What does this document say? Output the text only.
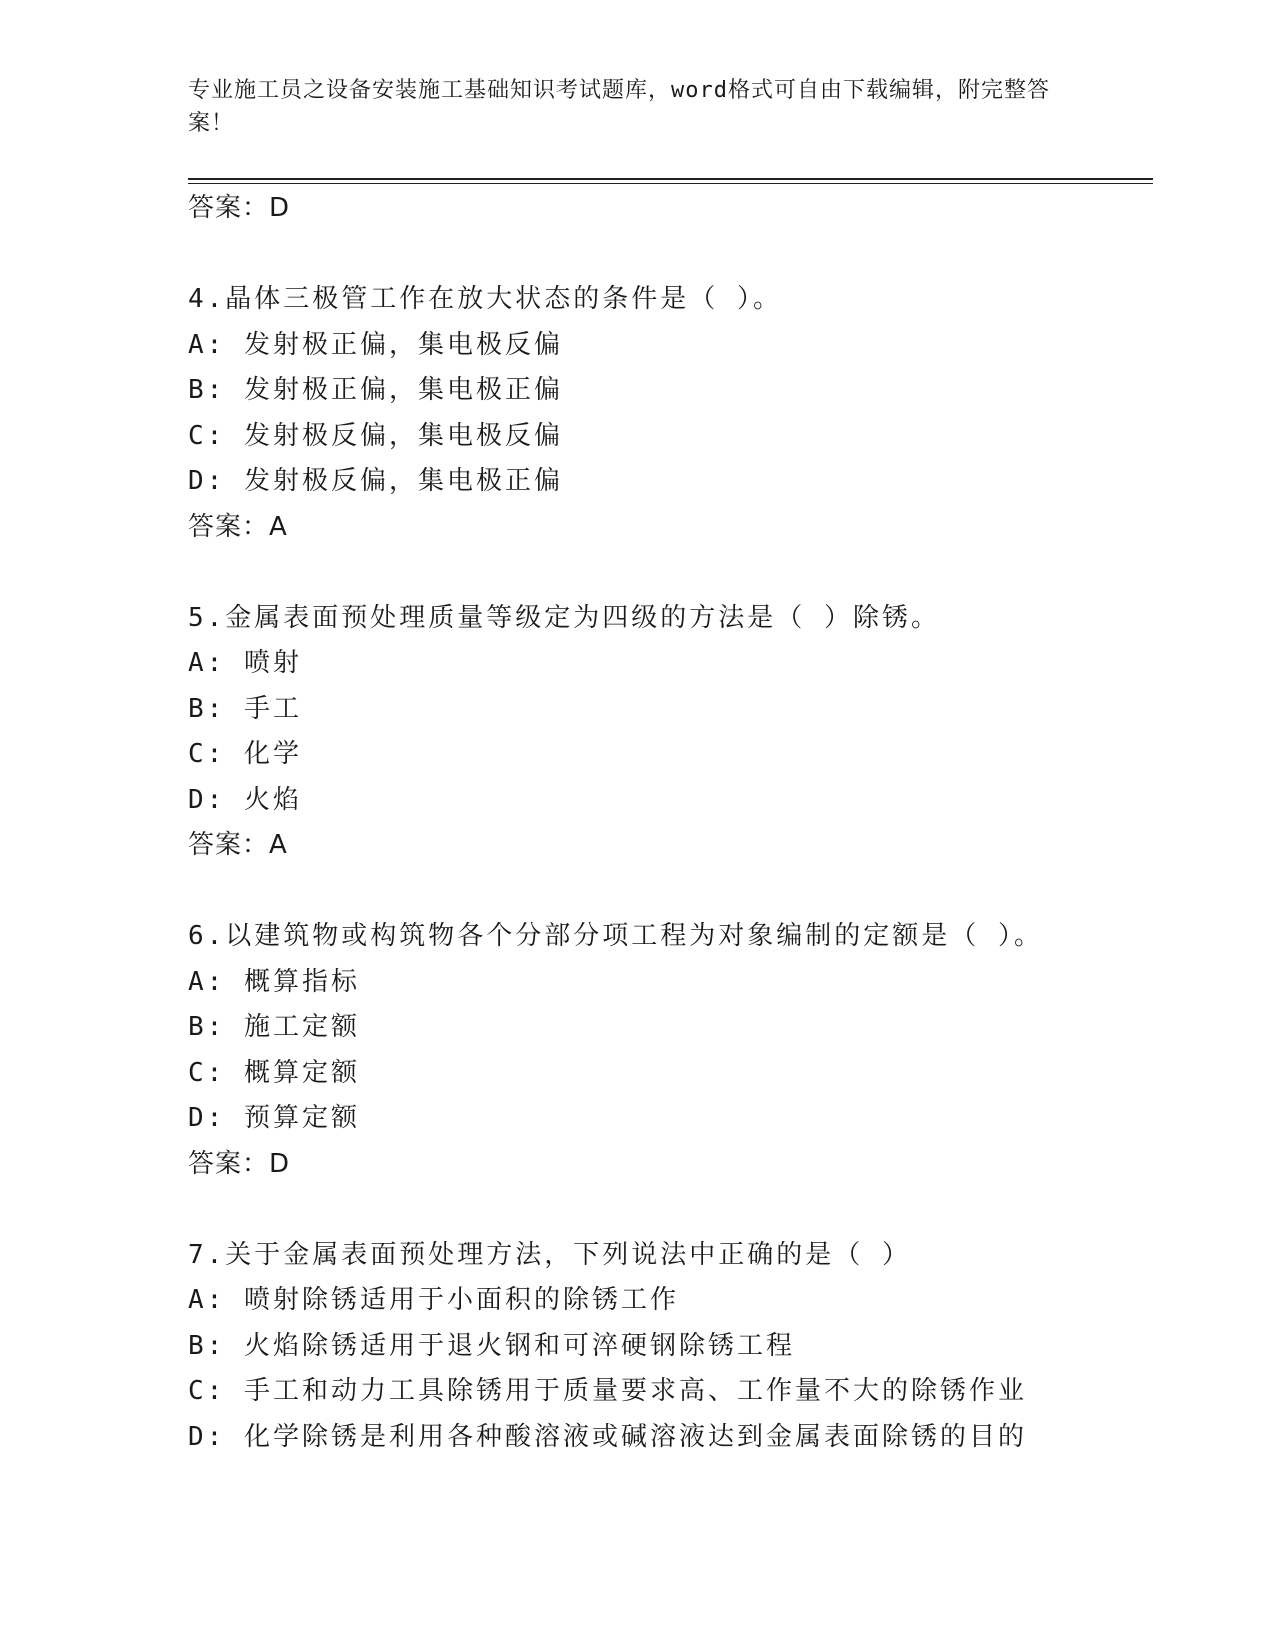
专业施工员之设备安装施工基础知识考试题库，word格式可自由下载编辑，附完整答案！
答案：D
4.晶体三极管工作在放大状态的条件是（ ）。
A: 发射极正偏，集电极反偏
B: 发射极正偏，集电极正偏
C: 发射极反偏，集电极反偏
D: 发射极反偏，集电极正偏
答案：A
5.金属表面预处理质量等级定为四级的方法是（ ）除锈。
A: 喷射
B: 手工
C: 化学
D: 火焰
答案：A
6.以建筑物或构筑物各个分部分项工程为对象编制的定额是（ ）。
A: 概算指标
B: 施工定额
C: 概算定额
D: 预算定额
答案：D
7.关于金属表面预处理方法，下列说法中正确的是（ ）
A: 喷射除锈适用于小面积的除锈工作
B: 火焰除锈适用于退火钢和可淬硬钢除锈工程
C: 手工和动力工具除锈用于质量要求高、工作量不大的除锈作业
D: 化学除锈是利用各种酸溶液或碱溶液达到金属表面除锈的目的
